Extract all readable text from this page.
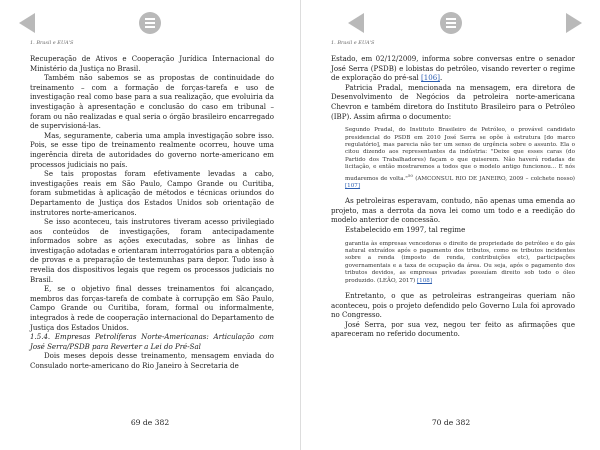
1. Brasil e EUA'S

Recuperação de Ativos e Cooperação Jurídica Internacional do Ministério da Justiça no Brasil.

Também não sabemos se as propostas de continuidade do treinamento – com a formação de forças-tarefa e uso de investigação real como base para a sua realização, que evoluiria da investigação à apresentação e conclusão do caso em tribunal – foram ou não realizadas e qual seria o órgão brasileiro encarregado de supervisioná-las.

Mas, seguramente, caberia uma ampla investigação sobre isso. Pois, se esse tipo de treinamento realmente ocorreu, houve uma ingerência direta de autoridades do governo norte-americano em processos judiciais no país.

Se tais propostas foram efetivamente levadas a cabo, investigações reais em São Paulo, Campo Grande ou Curitiba, foram submetidas à aplicação de métodos e técnicas oriundos do Departamento de Justiça dos Estados Unidos sob orientação de instrutores norte-americanos.

Se isso aconteceu, tais instrutores tiveram acesso privilegiado aos conteúdos de investigações, foram antecipadamente informados sobre as ações executadas, sobre as linhas de investigação adotadas e orientaram interrogatórios para a obtenção de provas e a preparação de testemunhas para depor. Tudo isso à revelia dos dispositivos legais que regem os processos judiciais no Brasil.

E, se o objetivo final desses treinamentos foi alcançado, membros das forças-tarefa de combate à corrupção em São Paulo, Campo Grande ou Curitiba, foram, formal ou informalmente, integrados à rede de cooperação internacional do Departamento de Justiça dos Estados Unidos.

1.5.4. Empresas Petrolíferas Norte-Americanas: Articulação com José Serra/PSDB para Reverter a Lei do Pré-Sal

Dois meses depois desse treinamento, mensagem enviada do Consulado norte-americano do Rio Janeiro à Secretaria de

69 de 382
1. Brasil e EUA'S

Estado, em 02/12/2009, informa sobre conversas entre o senador José Serra (PSDB) e lobistas do petróleo, visando reverter o regime de exploração do pré-sal [106].

Patricia Pradal, mencionada na mensagem, era diretora de Desenvolvimento de Negócios da petroleira norte-americana Chevron e também diretora do Instituto Brasileiro para o Petróleo (IBP). Assim afirma o documento:

Segundo Pradal, do Instituto Brasileiro de Petróleo, o provável candidato presidencial do PSDB em 2010 José Serra se opõe à estrutura [do marco regulatório], mas parecia não ter um senso de urgência sobre o assunto. Ela o citou dizendo aos representantes da indústria: "Deixe que esses caras (do Partido dos Trabalhadores) façam o que quiserem. Não haverá rodadas de licitação, e então mostraremos a todos que o modelo antigo funcionou... E nós mudaremos de volta."$^{50}$ (AMCONSUL RIO DE JANEIRO, 2009 – colchete nosso) [107]

As petroleiras esperavam, contudo, não apenas uma emenda ao projeto, mas a derrota da nova lei como um todo e a reedição do modelo anterior de concessão.

Estabelecido em 1997, tal regime

garantia às empresas vencedoras o direito de propriedade do petróleo e do gás natural extraídos após o pagamento dos tributos, como os tributos incidentes sobre a renda (imposto de renda, contribuições etc), participações governamentais e a taxa de ocupação da área. Ou seja, após o pagamento dos tributos devidos, as empresas privadas possuíam direito sob todo o óleo produzido. (LEÃO, 2017) [108]

Entretanto, o que as petroleiras estrangeiras queriam não aconteceu, pois o projeto defendido pelo Governo Lula foi aprovado no Congresso.

José Serra, por sua vez, negou ter feito as afirmações que apareceram no referido documento.

70 de 382
